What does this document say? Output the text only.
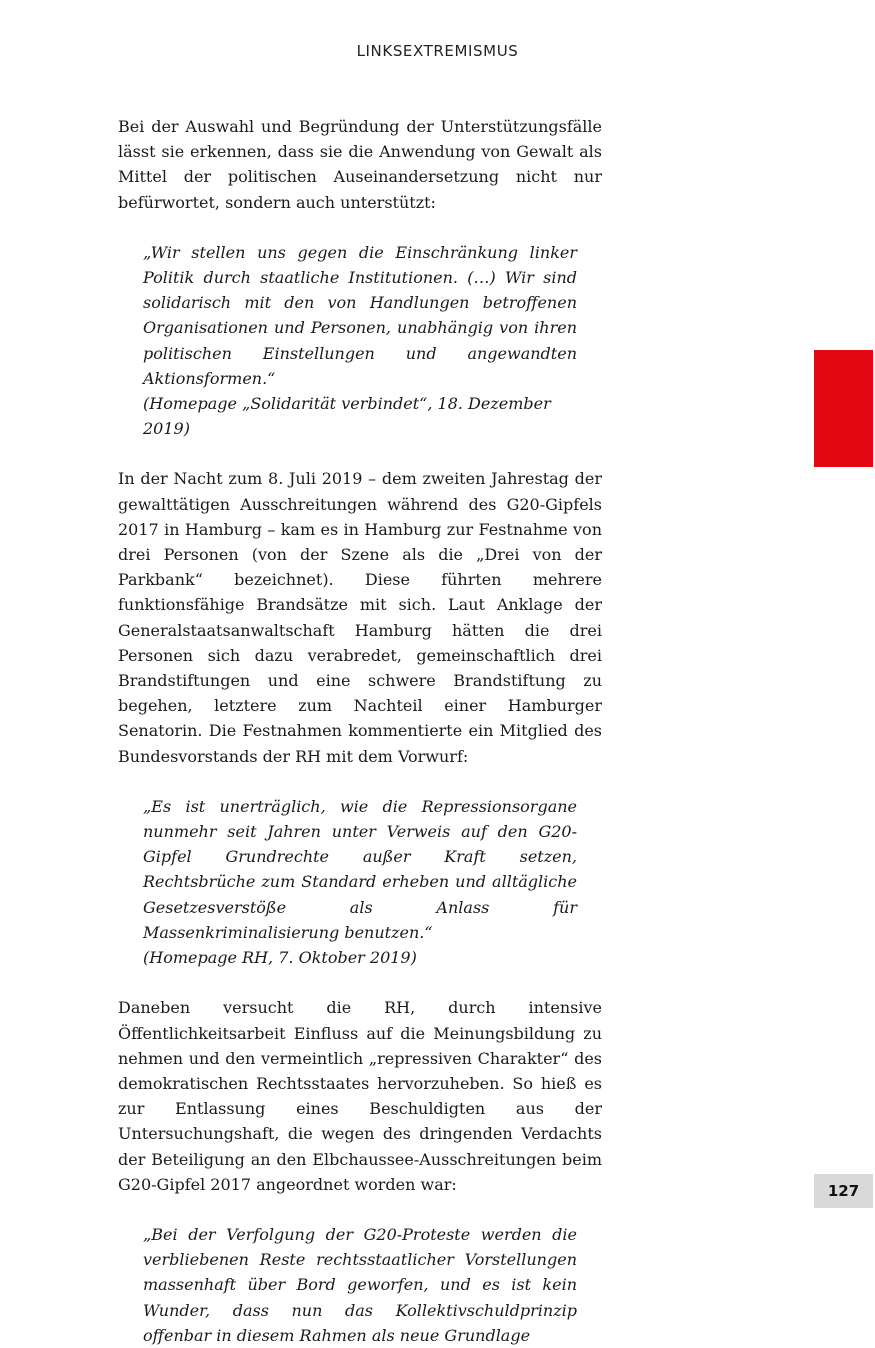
LINKSEXTREMISMUS

Bei der Auswahl und Begründung der Unterstützungsfälle lässt sie erkennen, dass sie die Anwendung von Gewalt als Mittel der politischen Auseinandersetzung nicht nur befürwortet, sondern auch unterstützt:

„Wir stellen uns gegen die Einschränkung linker Politik durch staatliche Institutionen. (…) Wir sind solidarisch mit den von Handlungen betroffenen Organisationen und Personen, unabhängig von ihren politischen Einstellungen und angewandten Aktionsformen.“

(Homepage „Solidarität verbindet“, 18. Dezember 2019)

In der Nacht zum 8. Juli 2019 – dem zweiten Jahrestag der gewalttätigen Ausschreitungen während des G20-Gipfels 2017 in Hamburg – kam es in Hamburg zur Festnahme von drei Personen (von der Szene als die „Drei von der Parkbank“ bezeichnet). Diese führten mehrere funktionsfähige Brandsätze mit sich. Laut Anklage der Generalstaatsanwaltschaft Hamburg hätten die drei Personen sich dazu verabredet, gemeinschaftlich drei Brandstiftungen und eine schwere Brandstiftung zu begehen, letztere zum Nachteil einer Hamburger Senatorin. Die Festnahmen kommentierte ein Mitglied des Bundesvorstands der RH mit dem Vorwurf:

„Es ist unerträglich, wie die Repressionsorgane nunmehr seit Jahren unter Verweis auf den G20-Gipfel Grundrechte außer Kraft setzen, Rechtsbrüche zum Standard erheben und alltägliche Gesetzesverstöße als Anlass für Massenkriminalisierung benutzen.“

(Homepage RH, 7. Oktober 2019)

Daneben versucht die RH, durch intensive Öffentlichkeitsarbeit Einfluss auf die Meinungsbildung zu nehmen und den vermeintlich „repressiven Charakter“ des demokratischen Rechtsstaates hervorzuheben. So hieß es zur Entlassung eines Beschuldigten aus der Untersuchungshaft, die wegen des dringenden Verdachts der Beteiligung an den Elbchaussee-Ausschreitungen beim G20-Gipfel 2017 angeordnet worden war:

„Bei der Verfolgung der G20-Proteste werden die verbliebenen Reste rechtsstaatlicher Vorstellungen massenhaft über Bord geworfen, und es ist kein Wunder, dass nun das Kollektivschuldprinzip offenbar in diesem Rahmen als neue Grundlage

127
